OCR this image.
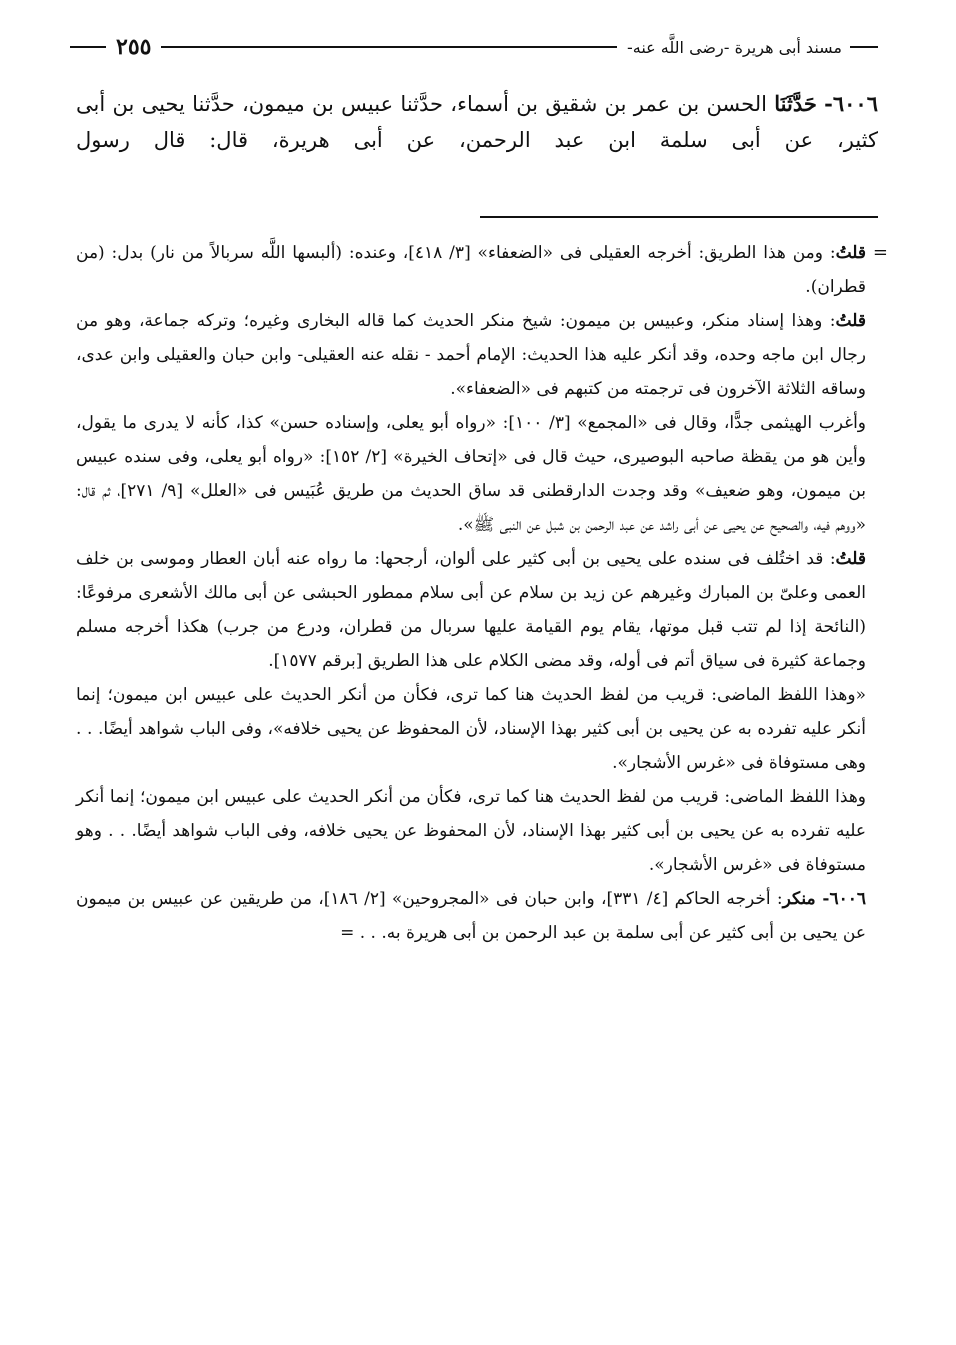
مسند أبى هريرة -رضى اللَّه عنه-
٢٥٥

٦٠٠٦- حَدَّثَنَا الحسن بن عمر بن شقيق بن أسماء، حدَّثنا عبيس بن ميمون، حدَّثنا يحيى بن أبى كثير، عن أبى سلمة ابن عبد الرحمن، عن أبى هريرة، قال: قال رسول

=

قلتُ: ومن هذا الطريق: أخرجه العقيلى فى «الضعفاء» [٣/ ٤١٨]، وعنده: (ألبسها اللَّه سربالاً من نار) بدل: (من قطران).

قلتُ: وهذا إسناد منكر، وعبيس بن ميمون: شيخ منكر الحديث كما قاله البخارى وغيره؛ وتركه جماعة، وهو من رجال ابن ماجه وحده، وقد أنكر عليه هذا الحديث: الإمام أحمد - نقله عنه العقيلى- وابن حبان والعقيلى وابن عدى، وساقه الثلاثة الآخرون فى ترجمته من كتبهم فى «الضعفاء».

وأغرب الهيثمى جدًّا، وقال فى «المجمع» [٣/ ١٠٠]: «رواه أبو يعلى، وإسناده حسن» كذا، كأنه لا يدرى ما يقول، وأين هو من يقظة صاحبه البوصيرى، حيث قال فى «إتحاف الخيرة» [٢/ ١٥٢]: «رواه أبو يعلى، وفى سنده عبيس بن ميمون، وهو ضعيف» وقد وجدت الدارقطنى قد ساق الحديث من طريق عُبَيس فى «العلل» [٩/ ٢٧١]، ثم قال: «ووهم فيه، والصحيح عن يحيى عن أبى راشد عن عبد الرحمن بن شبل عن النبى ﷺ».

قلتُ: قد اختُلف فى سنده على يحيى بن أبى كثير على ألوان، أرجحها: ما رواه عنه أبان العطار وموسى بن خلف العمى وعلىّ بن المبارك وغيرهم عن زيد بن سلام عن أبى سلام ممطور الحبشى عن أبى مالك الأشعرى مرفوعًا: (النائحة إذا لم تتب قبل موتها، يقام يوم القيامة عليها سربال من قطران، ودرع من جرب) هكذا أخرجه مسلم وجماعة كثيرة فى سياق أتم فى أوله، وقد مضى الكلام على هذا الطريق [برقم ١٥٧٧].

«وهذا اللفظ الماضى: قريب من لفظ الحديث هنا كما ترى، فكأن من أنكر الحديث على عبيس ابن ميمون؛ إنما أنكر عليه تفرده به عن يحيى بن أبى كثير بهذا الإسناد، لأن المحفوظ عن يحيى خلافه»، وفى الباب شواهد أيضًا. . . وهى مستوفاة فى «غرس الأشجار».

وهذا اللفظ الماضى: قريب من لفظ الحديث هنا كما ترى، فكأن من أنكر الحديث على عبيس ابن ميمون؛ إنما أنكر عليه تفرده به عن يحيى بن أبى كثير بهذا الإسناد، لأن المحفوظ عن يحيى خلافه، وفى الباب شواهد أيضًا. . . وهو مستوفاة فى «غرس الأشجار».

٦٠٠٦- منكر: أخرجه الحاكم [٤/ ٣٣١]، وابن حبان فى «المجروحين» [٢/ ١٨٦]، من طريقين عن عبيس بن ميمون عن يحيى بن أبى كثير عن أبى سلمة بن عبد الرحمن بن أبى هريرة به. . . =
